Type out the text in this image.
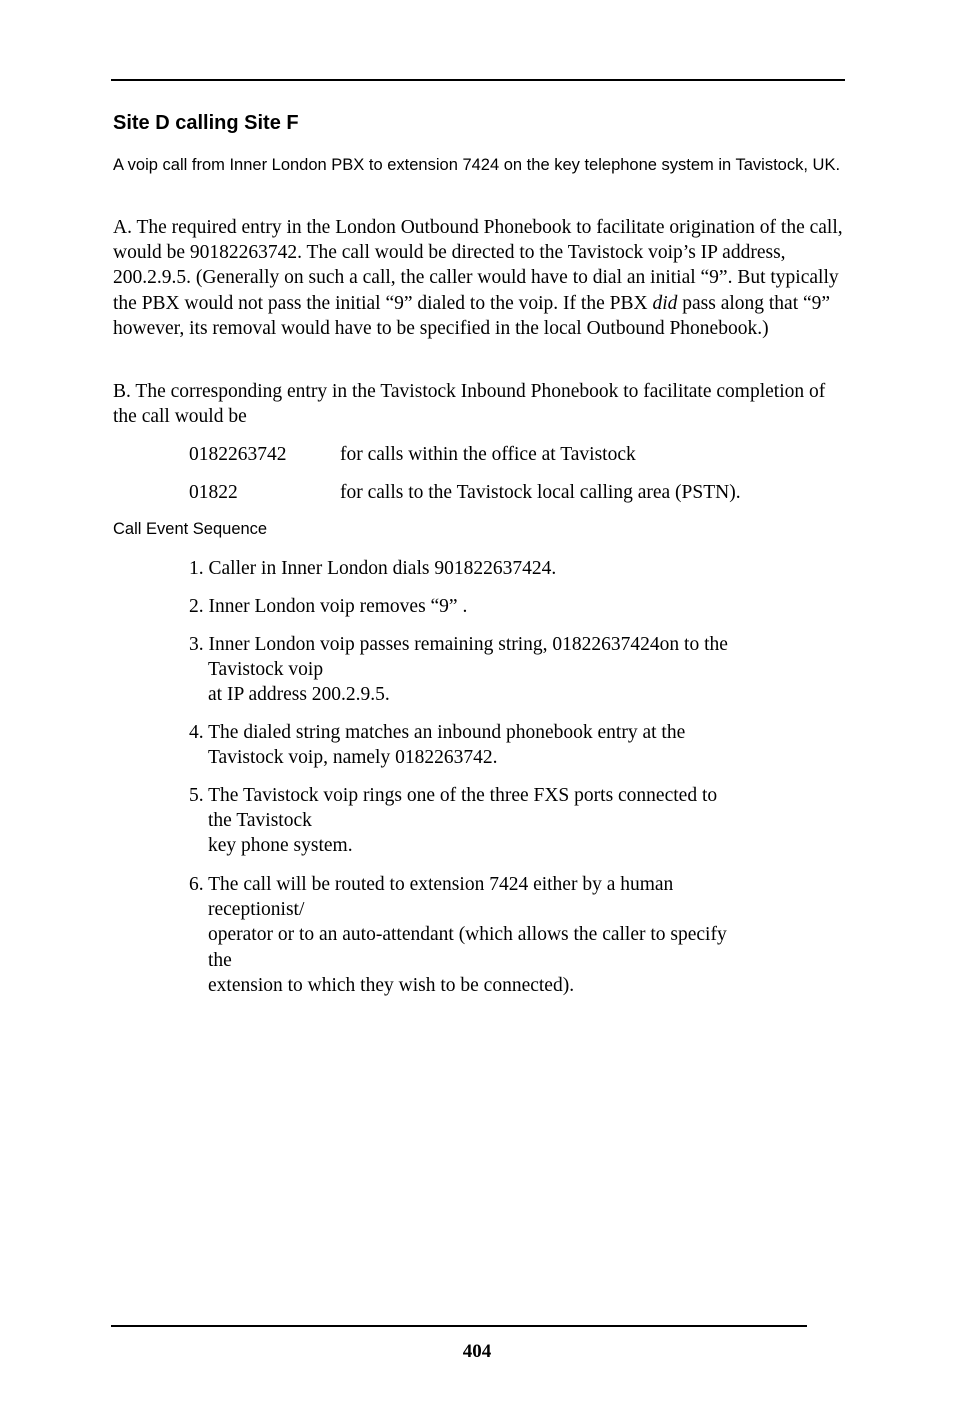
Site D calling Site F

A voip call from Inner London PBX to extension 7424 on the key telephone system in Tavistock, UK.

A. The required entry in the London Outbound Phonebook to facilitate origination of the call, would be 90182263742. The call would be directed to the Tavistock voip’s IP address, 200.2.9.5. (Generally on such a call, the caller would have to dial an initial “9”. But typically the PBX would not pass the initial “9” dialed to the voip. If the PBX did pass along that “9” however, its removal would have to be specified in the local Outbound Phonebook.)

B. The corresponding entry in the Tavistock Inbound Phonebook to facilitate completion of the call would be

0182263742	for calls within the office at Tavistock
01822	for calls to the Tavistock local calling area (PSTN).
Call Event Sequence
1. Caller in Inner London dials 901822637424.
2. Inner London voip removes “9” .
3. Inner London voip passes remaining string, 01822637424on to the
Tavistock voip
at IP address 200.2.9.5.
4. The dialed string matches an inbound phonebook entry at the
Tavistock voip, namely 0182263742.
5. The Tavistock voip rings one of the three FXS ports connected to
the Tavistock
key phone system.
6. The call will be routed to extension 7424 either by a human
receptionist/
operator or to an auto-attendant (which allows the caller to specify
the
extension to which they wish to be connected).
404
